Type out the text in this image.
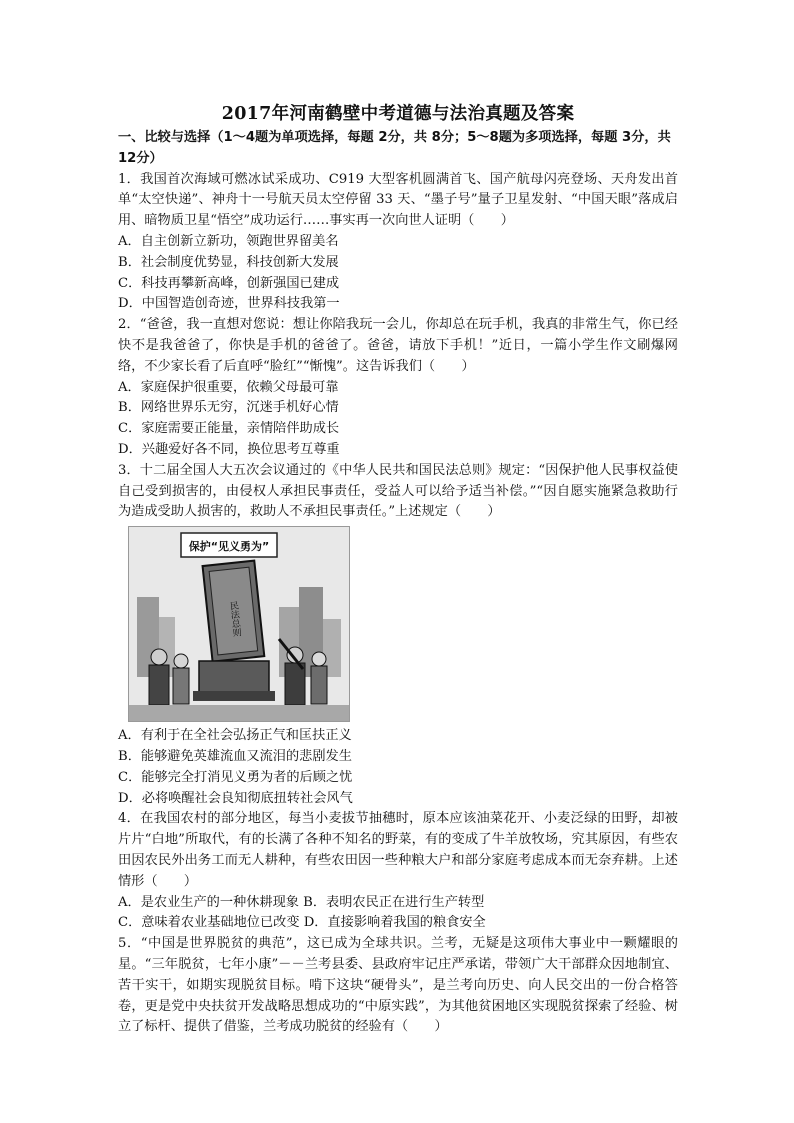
2017年河南鹤壁中考道德与法治真题及答案

一、比较与选择（1～4题为单项选择，每题 2分，共 8分；5～8题为多项选择，每题 3分，共 12分）

1．我国首次海域可燃冰试采成功、C919 大型客机圆满首飞、国产航母闪亮登场、天舟发出首单“太空快递”、神舟十一号航天员太空停留 33 天、“墨子号”量子卫星发射、“中国天眼”落成启用、暗物质卫星“悟空”成功运行……事实再一次向世人证明（　　）

A．自主创新立新功，领跑世界留美名

B．社会制度优势显，科技创新大发展

C．科技再攀新高峰，创新强国已建成

D．中国智造创奇迹，世界科技我第一

2．“爸爸，我一直想对您说：想让你陪我玩一会儿，你却总在玩手机，我真的非常生气，你已经快不是我爸爸了，你快是手机的爸爸了。爸爸，请放下手机！”近日，一篇小学生作文刷爆网络，不少家长看了后直呼“脸红”“惭愧”。这告诉我们（　　）

A．家庭保护很重要，依赖父母最可靠

B．网络世界乐无穷，沉迷手机好心情

C．家庭需要正能量，亲情陪伴助成长

D．兴趣爱好各不同，换位思考互尊重

3．十二届全国人大五次会议通过的《中华人民共和国民法总则》规定：“因保护他人民事权益使自己受到损害的，由侵权人承担民事责任，受益人可以给予适当补偿。”“因自愿实施紧急救助行为造成受助人损害的，救助人不承担民事责任。”上述规定（　　）

保护“见义勇为”
民法总则

A．有利于在全社会弘扬正气和匡扶正义

B．能够避免英雄流血又流泪的悲剧发生

C．能够完全打消见义勇为者的后顾之忧

D．必将唤醒社会良知彻底扭转社会风气

4．在我国农村的部分地区，每当小麦拔节抽穗时，原本应该油菜花开、小麦泛绿的田野，却被片片“白地”所取代，有的长满了各种不知名的野菜，有的变成了牛羊放牧场，究其原因，有些农田因农民外出务工而无人耕种，有些农田因一些种粮大户和部分家庭考虑成本而无奈弃耕。上述情形（　　）

A．是农业生产的一种休耕现象 B．表明农民正在进行生产转型

C．意味着农业基础地位已改变 D．直接影响着我国的粮食安全

5．“中国是世界脱贫的典范”，这已成为全球共识。兰考，无疑是这项伟大事业中一颗耀眼的星。“三年脱贫，七年小康”－－兰考县委、县政府牢记庄严承诺，带领广大干部群众因地制宜、苦干实干，如期实现脱贫目标。啃下这块“硬骨头”，是兰考向历史、向人民交出的一份合格答卷，更是党中央扶贫开发战略思想成功的“中原实践”，为其他贫困地区实现脱贫探索了经验、树立了标杆、提供了借鉴，兰考成功脱贫的经验有（　　）
